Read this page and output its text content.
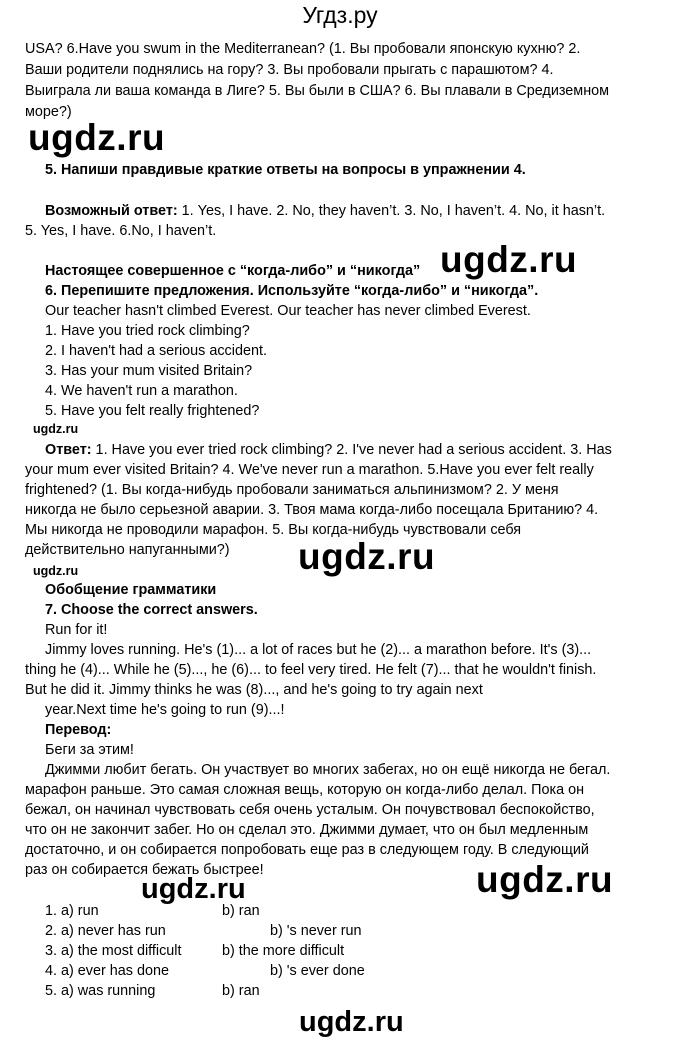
Угдз.ру
USA? 6.Have you swum in the Mediterranean? (1. Вы пробовали японскую кухню? 2.
Ваши родители поднялись на гору? 3. Вы пробовали прыгать с парашютом? 4.
Выиграла ли ваша команда в Лиге? 5. Вы были в США? 6. Вы плавали в Средиземном
море?)
ugdz.ru
5. Напиши правдивые краткие ответы на вопросы в упражнении 4.
Возможный ответ: 1. Yes, I have. 2. No, they haven’t. 3. No, I haven’t. 4. No, it hasn’t.
5. Yes, I have. 6.No, I haven’t.
Настоящее совершенное с “когда-либо” и “никогда” ugdz.ru
6. Перепишите предложения. Используйте “когда-либо” и “никогда”.
Our teacher hasn't climbed Everest. Our teacher has never climbed Everest.
1. Have you tried rock climbing?
2. I haven't had a serious accident.
3. Has your mum visited Britain?
4. We haven't run a marathon.
5. Have you felt really frightened?
ugdz.ru
Ответ: 1. Have you ever tried rock climbing? 2. I've never had a serious accident. 3. Has
your mum ever visited Britain? 4. We've never run a marathon. 5.Have you ever felt really
frightened? (1. Вы когда-нибудь пробовали заниматься альпинизмом? 2. У меня
никогда не было серьезной аварии. 3. Твоя мама когда-либо посещала Британию? 4.
Мы никогда не проводили марафон. 5. Вы когда-нибудь чувствовали себя
действительно напуганными?) ugdz.ru
ugdz.ru
Обобщение грамматики
7. Choose the correct answers.
Run for it!
Jimmy loves running. He's (1)... a lot of races but he (2)... a marathon before. It's (3)...
thing he (4)... While he (5)..., he (6)... to feel very tired. He felt (7)... that he wouldn't finish.
But he did it. Jimmy thinks he was (8)..., and he's going to try again next
year.Next time he's going to run (9)...!
Перевод:
Беги за этим!
Джимми любит бегать. Он участвует во многих забегах, но он ещё никогда не бегал.
марафон раньше. Это самая сложная вещь, которую он когда-либо делал. Пока он
бежал, он начинал чувствовать себя очень усталым. Он почувствовал беспокойство,
что он не закончит забег. Но он сделал это. Джимми думает, что он был медленным
достаточно, и он собирается попробовать еще раз в следующем году. В следующий
раз он собирается бежать быстрее!
ugdz.ru	ugdz.ru
1. a) run	b) ran
2. a) never has run	b) 's never run
3. a) the most difficult	b) the more difficult
4. a) ever has done	b) 's ever done
5. a) was running	b) ran
ugdz.ru
